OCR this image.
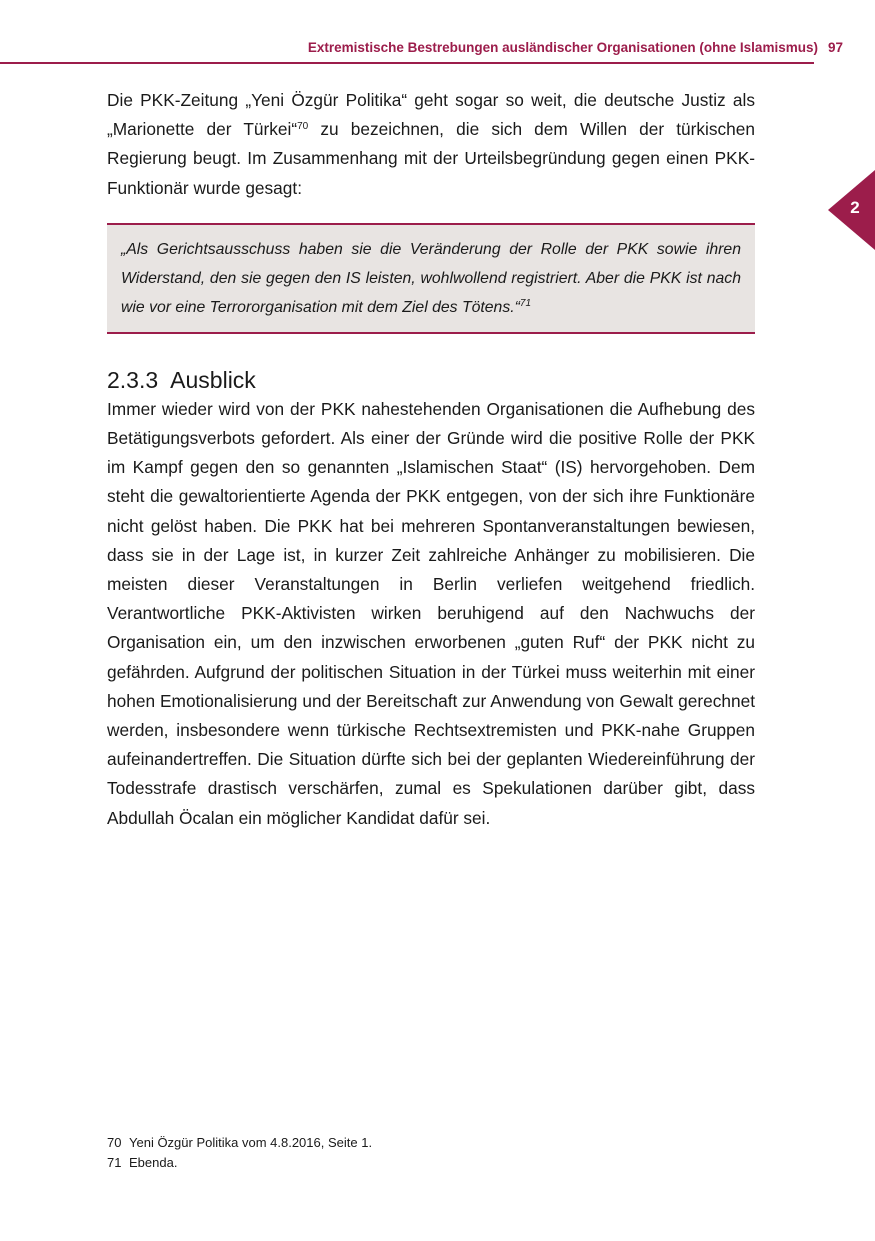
Extremistische Bestrebungen ausländischer Organisationen (ohne Islamismus) 97
2

Die PKK-Zeitung „Yeni Özgür Politika“ geht sogar so weit, die deutsche Justiz als „Marionette der Türkei“$^{70}$ zu bezeichnen, die sich dem Willen der türkischen Regierung beugt. Im Zusammenhang mit der Urteilsbegründung gegen einen PKK-Funktionär wurde gesagt:

„Als Gerichtsausschuss haben sie die Veränderung der Rolle der PKK sowie ihren Widerstand, den sie gegen den IS leisten, wohlwollend registriert. Aber die PKK ist nach wie vor eine Terrororganisation mit dem Ziel des Tötens.“$^{71}$

2.3.3 Ausblick

Immer wieder wird von der PKK nahestehenden Organisationen die Aufhebung des Betätigungsverbots gefordert. Als einer der Gründe wird die positive Rolle der PKK im Kampf gegen den so genannten „Islamischen Staat“ (IS) hervorgehoben. Dem steht die gewaltorientierte Agenda der PKK entgegen, von der sich ihre Funktionäre nicht gelöst haben. Die PKK hat bei mehreren Spontanveranstaltungen bewiesen, dass sie in der Lage ist, in kurzer Zeit zahlreiche Anhänger zu mobilisieren. Die meisten dieser Veranstaltungen in Berlin verliefen weitgehend friedlich. Verantwortliche PKK-Aktivisten wirken beruhigend auf den Nachwuchs der Organisation ein, um den inzwischen erworbenen „guten Ruf“ der PKK nicht zu gefährden. Aufgrund der politischen Situation in der Türkei muss weiterhin mit einer hohen Emotionalisierung und der Bereitschaft zur Anwendung von Gewalt gerechnet werden, insbesondere wenn türkische Rechtsextremisten und PKK-nahe Gruppen aufeinandertreffen. Die Situation dürfte sich bei der geplanten Wiedereinführung der Todesstrafe drastisch verschärfen, zumal es Spekulationen darüber gibt, dass Abdullah Öcalan ein möglicher Kandidat dafür sei.

70 Yeni Özgür Politika vom 4.8.2016, Seite 1.
71 Ebenda.
